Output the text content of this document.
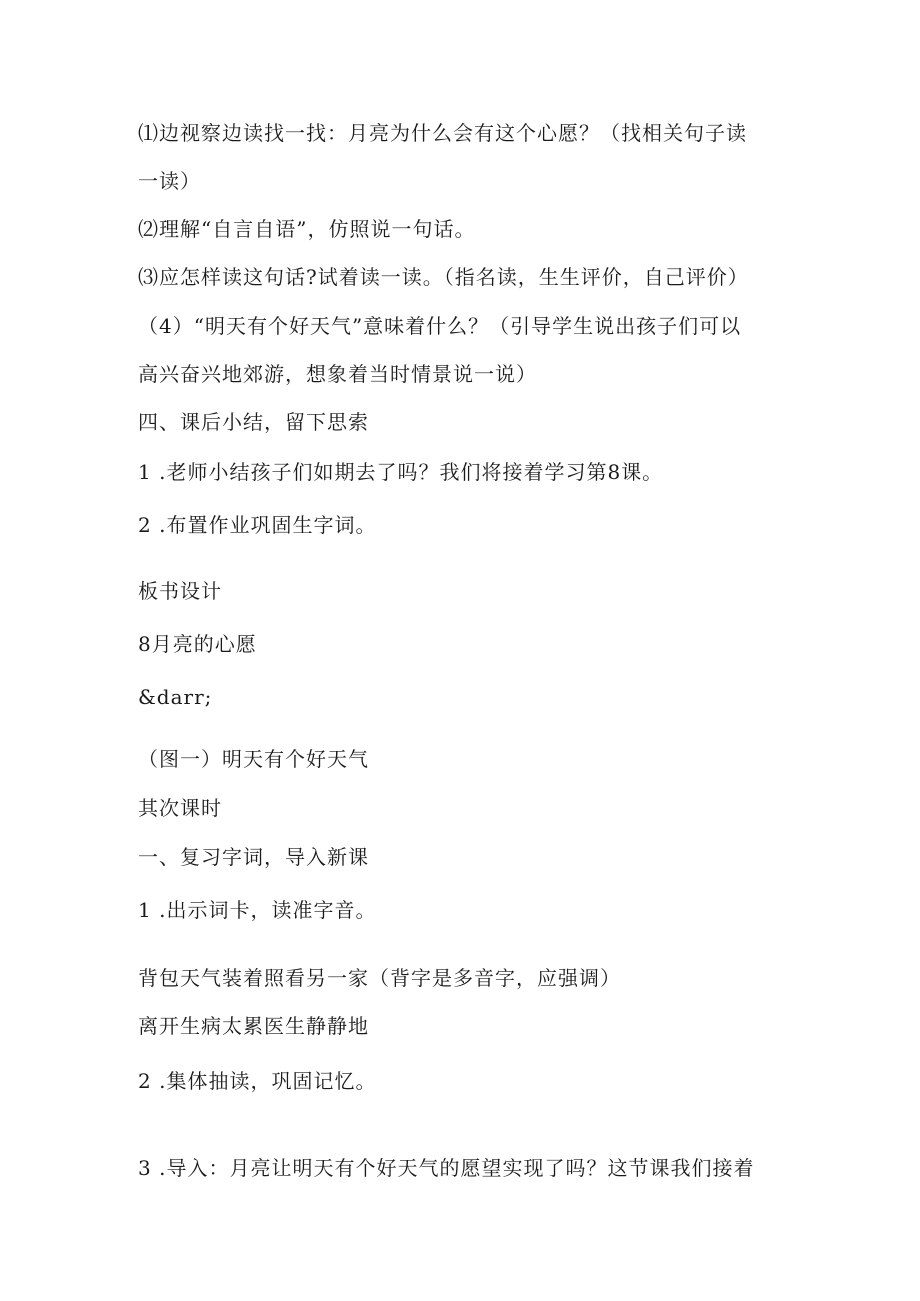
⑴边视察边读找一找：月亮为什么会有这个心愿？（找相关句子读
一读）
⑵理解“自言自语”，仿照说一句话。
⑶应怎样读这句话?试着读一读。（指名读，生生评价，自己评价）
（4）“明天有个好天气”意味着什么？（引导学生说出孩子们可以
高兴奋兴地郊游，想象着当时情景说一说）
四、课后小结，留下思索
1 .老师小结孩子们如期去了吗？我们将接着学习第8课。
2 .布置作业巩固生字词。
板书设计
8月亮的心愿
&darr;
（图一）明天有个好天气
其次课时
一、复习字词，导入新课
1 .出示词卡，读准字音。
背包天气装着照看另一家（背字是多音字，应强调）
离开生病太累医生静静地
2 .集体抽读，巩固记忆。
3 .导入：月亮让明天有个好天气的愿望实现了吗？这节课我们接着
